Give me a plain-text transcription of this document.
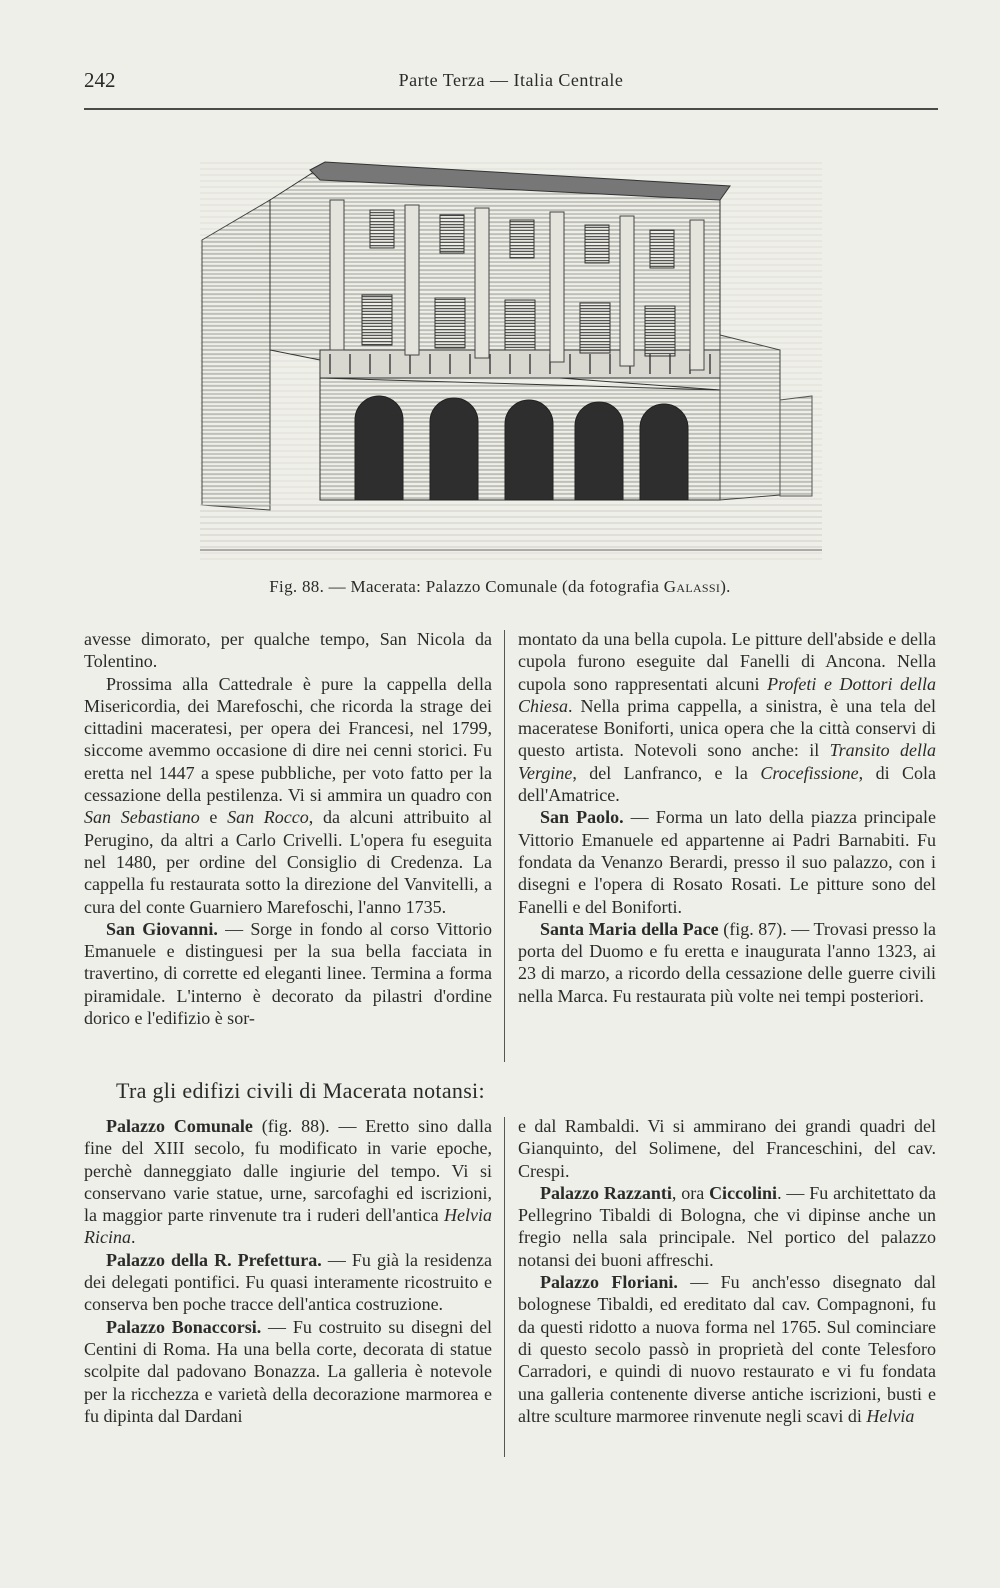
242	Parte Terza — Italia Centrale
Fig. 88. — Macerata: Palazzo Comunale (da fotografia Galassi).

avesse dimorato, per qualche tempo, San Nicola da Tolentino.

Prossima alla Cattedrale è pure la cappella della Misericordia, dei Marefoschi, che ricorda la strage dei cittadini maceratesi, per opera dei Francesi, nel 1799, siccome avemmo occasione di dire nei cenni storici. Fu eretta nel 1447 a spese pubbliche, per voto fatto per la cessazione della pestilenza. Vi si ammira un quadro con San Sebastiano e San Rocco, da alcuni attribuito al Perugino, da altri a Carlo Crivelli. L'opera fu eseguita nel 1480, per ordine del Consiglio di Credenza. La cappella fu restaurata sotto la direzione del Vanvitelli, a cura del conte Guarniero Marefoschi, l'anno 1735.

San Giovanni. — Sorge in fondo al corso Vittorio Emanuele e distinguesi per la sua bella facciata in travertino, di corrette ed eleganti linee. Termina a forma piramidale. L'interno è decorato da pilastri d'ordine dorico e l'edifizio è sor-

montato da una bella cupola. Le pitture dell'abside e della cupola furono eseguite dal Fanelli di Ancona. Nella cupola sono rappresentati alcuni Profeti e Dottori della Chiesa. Nella prima cappella, a sinistra, è una tela del maceratese Boniforti, unica opera che la città conservi di questo artista. Notevoli sono anche: il Transito della Vergine, del Lanfranco, e la Crocefissione, di Cola dell'Amatrice.

San Paolo. — Forma un lato della piazza principale Vittorio Emanuele ed appartenne ai Padri Barnabiti. Fu fondata da Venanzo Berardi, presso il suo palazzo, con i disegni e l'opera di Rosato Rosati. Le pitture sono del Fanelli e del Boniforti.

Santa Maria della Pace (fig. 87). — Trovasi presso la porta del Duomo e fu eretta e inaugurata l'anno 1323, ai 23 di marzo, a ricordo della cessazione delle guerre civili nella Marca. Fu restaurata più volte nei tempi posteriori.

Tra gli edifizi civili di Macerata notansi:

Palazzo Comunale (fig. 88). — Eretto sino dalla fine del XIII secolo, fu modificato in varie epoche, perchè danneggiato dalle ingiurie del tempo. Vi si conservano varie statue, urne, sarcofaghi ed iscrizioni, la maggior parte rinvenute tra i ruderi dell'antica Helvia Ricina.

Palazzo della R. Prefettura. — Fu già la residenza dei delegati pontifici. Fu quasi interamente ricostruito e conserva ben poche tracce dell'antica costruzione.

Palazzo Bonaccorsi. — Fu costruito su disegni del Centini di Roma. Ha una bella corte, decorata di statue scolpite dal padovano Bonazza. La galleria è notevole per la ricchezza e varietà della decorazione marmorea e fu dipinta dal Dardani

e dal Rambaldi. Vi si ammirano dei grandi quadri del Gianquinto, del Solimene, del Franceschini, del cav. Crespi.

Palazzo Razzanti, ora Ciccolini. — Fu architettato da Pellegrino Tibaldi di Bologna, che vi dipinse anche un fregio nella sala principale. Nel portico del palazzo notansi dei buoni affreschi.

Palazzo Floriani. — Fu anch'esso disegnato dal bolognese Tibaldi, ed ereditato dal cav. Compagnoni, fu da questi ridotto a nuova forma nel 1765. Sul cominciare di questo secolo passò in proprietà del conte Telesforo Carradori, e quindi di nuovo restaurato e vi fu fondata una galleria contenente diverse antiche iscrizioni, busti e altre sculture marmoree rinvenute negli scavi di Helvia
